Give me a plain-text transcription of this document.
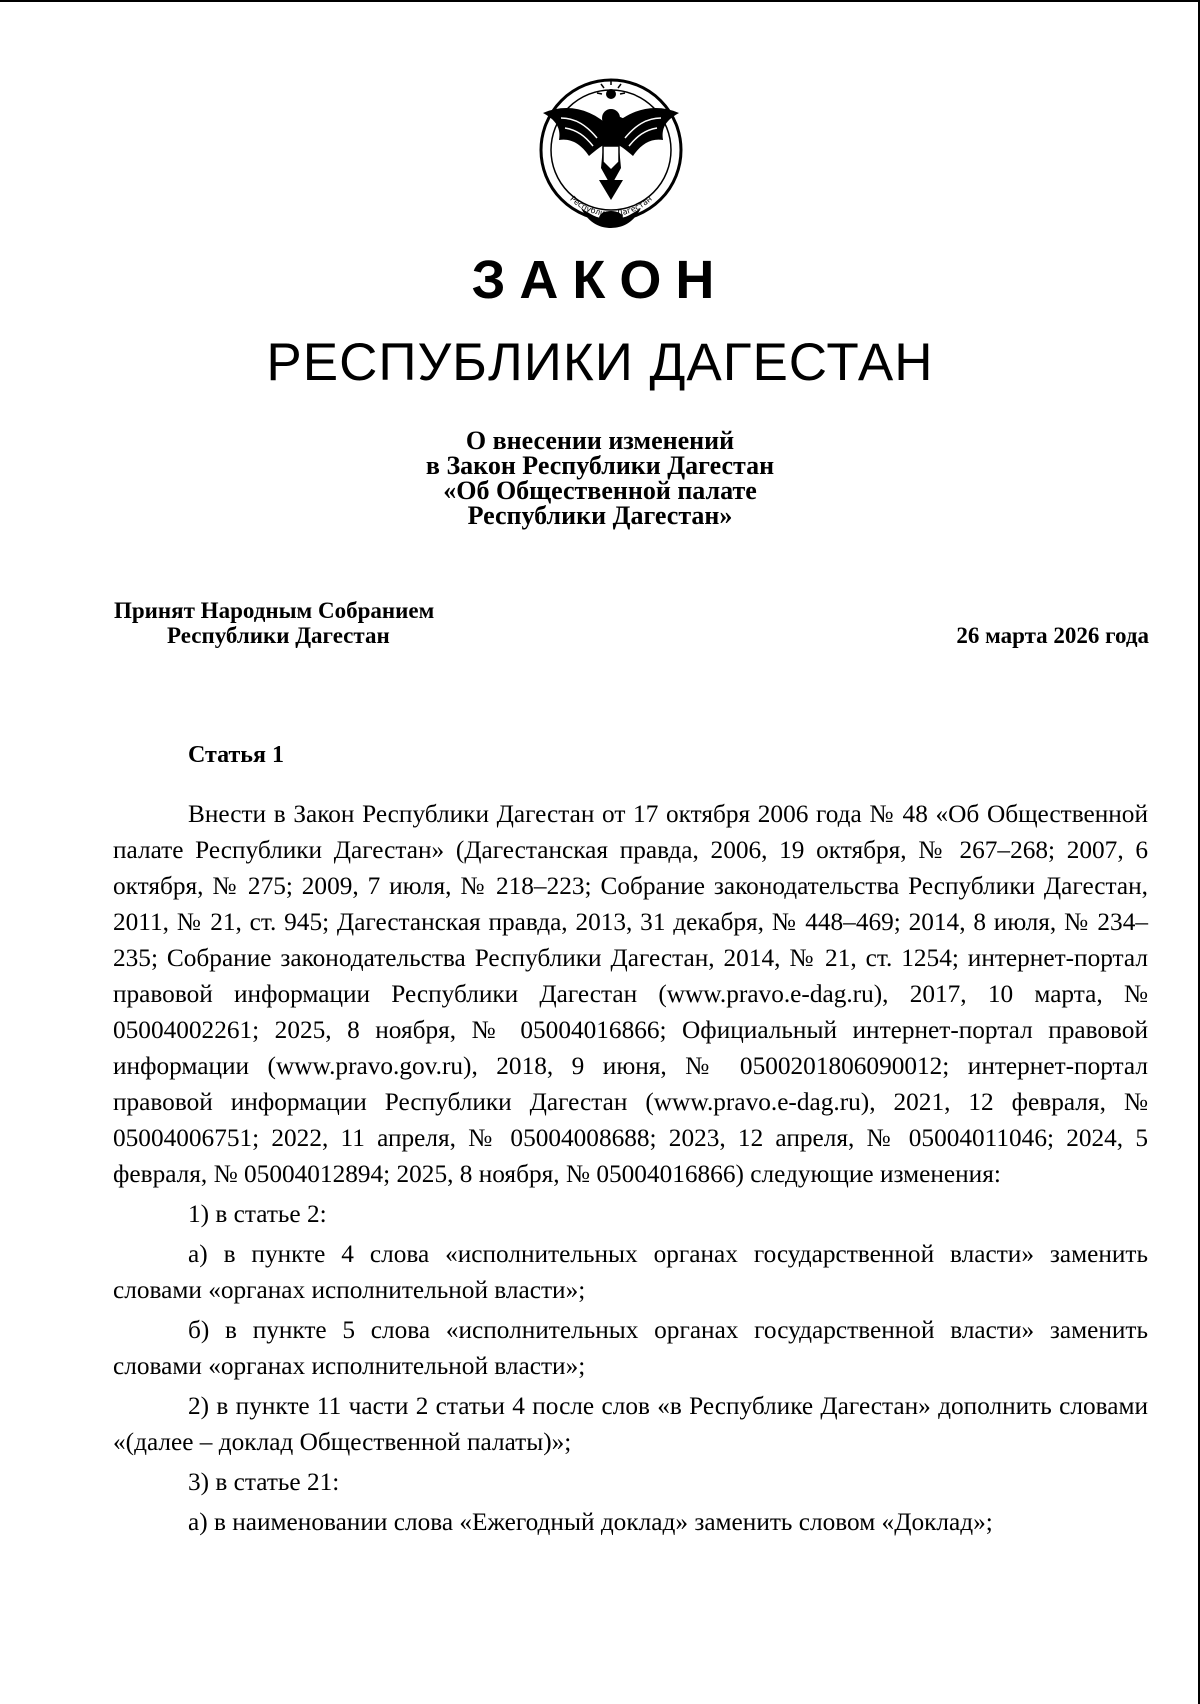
Республика Дагестан
ЗАКОН
РЕСПУБЛИКИ ДАГЕСТАН
О внесении изменений
в Закон Республики Дагестан
«Об Общественной палате
Республики Дагестан»
Принят Народным Собранием
Республики Дагестан	26 марта 2026 года
Статья 1

Внести в Закон Республики Дагестан от 17 октября 2006 года № 48 «Об Общественной палате Республики Дагестан» (Дагестанская правда, 2006, 19 октября, № 267–268; 2007, 6 октября, № 275; 2009, 7 июля, № 218–223; Собрание законодательства Республики Дагестан, 2011, № 21, ст. 945; Дагестанская правда, 2013, 31 декабря, № 448–469; 2014, 8 июля, № 234–235; Собрание законодательства Республики Дагестан, 2014, № 21, ст. 1254; интернет-портал правовой информации Республики Дагестан (www.pravo.e-dag.ru), 2017, 10 марта, № 05004002261; 2025, 8 ноября, № 05004016866; Официальный интернет-портал правовой информации (www.pravo.gov.ru), 2018, 9 июня, № 0500201806090012; интернет-портал правовой информации Республики Дагестан (www.pravo.e-dag.ru), 2021, 12 февраля, № 05004006751; 2022, 11 апреля, № 05004008688; 2023, 12 апреля, № 05004011046; 2024, 5 февраля, № 05004012894; 2025, 8 ноября, № 05004016866) следующие изменения:

1) в статье 2:

а) в пункте 4 слова «исполнительных органах государственной власти» заменить словами «органах исполнительной власти»;

б) в пункте 5 слова «исполнительных органах государственной власти» заменить словами «органах исполнительной власти»;

2) в пункте 11 части 2 статьи 4 после слов «в Республике Дагестан» дополнить словами «(далее – доклад Общественной палаты)»;

3) в статье 21:

а) в наименовании слова «Ежегодный доклад» заменить словом «Доклад»;
